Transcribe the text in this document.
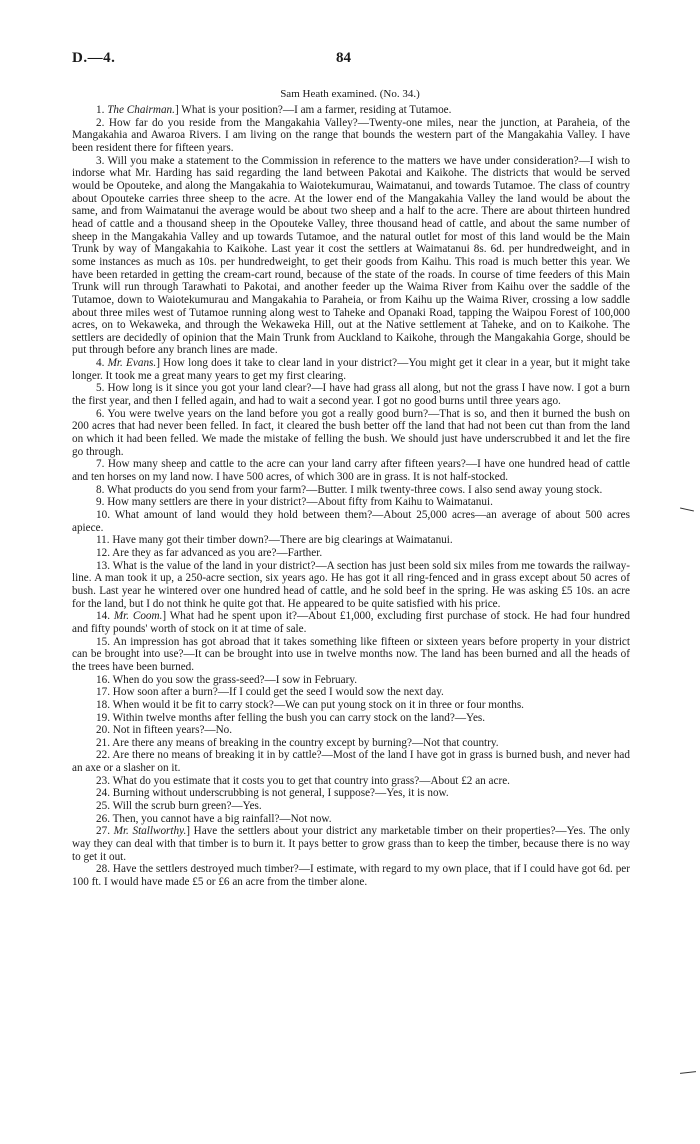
D.—4.	84
Sam Heath examined. (No. 34.)

1. The Chairman.] What is your position?—I am a farmer, residing at Tutamoe.

2. How far do you reside from the Mangakahia Valley?—Twenty-one miles, near the junction, at Paraheia, of the Mangakahia and Awaroa Rivers. I am living on the range that bounds the western part of the Mangakahia Valley. I have been resident there for fifteen years.

3. Will you make a statement to the Commission in reference to the matters we have under consideration?—I wish to indorse what Mr. Harding has said regarding the land between Pakotai and Kaikohe. The districts that would be served would be Opouteke, and along the Mangakahia to Waiotekumurau, Waimatanui, and towards Tutamoe. The class of country about Opouteke carries three sheep to the acre. At the lower end of the Mangakahia Valley the land would be about the same, and from Waimatanui the average would be about two sheep and a half to the acre. There are about thirteen hundred head of cattle and a thousand sheep in the Opouteke Valley, three thousand head of cattle, and about the same number of sheep in the Mangakahia Valley and up towards Tutamoe, and the natural outlet for most of this land would be the Main Trunk by way of Mangakahia to Kaikohe. Last year it cost the settlers at Waimatanui 8s. 6d. per hundredweight, and in some instances as much as 10s. per hundredweight, to get their goods from Kaihu. This road is much better this year. We have been retarded in getting the cream-cart round, because of the state of the roads. In course of time feeders of this Main Trunk will run through Tarawhati to Pakotai, and another feeder up the Waima River from Kaihu over the saddle of the Tutamoe, down to Waiotekumurau and Mangakahia to Paraheia, or from Kaihu up the Waima River, crossing a low saddle about three miles west of Tutamoe running along west to Taheke and Opanaki Road, tapping the Waipou Forest of 100,000 acres, on to Wekaweka, and through the Wekaweka Hill, out at the Native settlement at Taheke, and on to Kaikohe. The settlers are decidedly of opinion that the Main Trunk from Auckland to Kaikohe, through the Mangakahia Gorge, should be put through before any branch lines are made.

4. Mr. Evans.] How long does it take to clear land in your district?—You might get it clear in a year, but it might take longer. It took me a great many years to get my first clearing.

5. How long is it since you got your land clear?—I have had grass all along, but not the grass I have now. I got a burn the first year, and then I felled again, and had to wait a second year. I got no good burns until three years ago.

6. You were twelve years on the land before you got a really good burn?—That is so, and then it burned the bush on 200 acres that had never been felled. In fact, it cleared the bush better off the land that had not been cut than from the land on which it had been felled. We made the mistake of felling the bush. We should just have underscrubbed it and let the fire go through.

7. How many sheep and cattle to the acre can your land carry after fifteen years?—I have one hundred head of cattle and ten horses on my land now. I have 500 acres, of which 300 are in grass. It is not half-stocked.

8. What products do you send from your farm?—Butter. I milk twenty-three cows. I also send away young stock.

9. How many settlers are there in your district?—About fifty from Kaihu to Waimatanui.

10. What amount of land would they hold between them?—About 25,000 acres—an average of about 500 acres apiece.

11. Have many got their timber down?—There are big clearings at Waimatanui.

12. Are they as far advanced as you are?—Farther.

13. What is the value of the land in your district?—A section has just been sold six miles from me towards the railway-line. A man took it up, a 250-acre section, six years ago. He has got it all ring-fenced and in grass except about 50 acres of bush. Last year he wintered over one hundred head of cattle, and he sold beef in the spring. He was asking £5 10s. an acre for the land, but I do not think he quite got that. He appeared to be quite satisfied with his price.

14. Mr. Coom.] What had he spent upon it?—About £1,000, excluding first purchase of stock. He had four hundred and fifty pounds' worth of stock on it at time of sale.

15. An impression has got abroad that it takes something like fifteen or sixteen years before property in your district can be brought into use?—It can be brought into use in twelve months now. The land has been burned and all the heads of the trees have been burned.

16. When do you sow the grass-seed?—I sow in February.

17. How soon after a burn?—If I could get the seed I would sow the next day.

18. When would it be fit to carry stock?—We can put young stock on it in three or four months.

19. Within twelve months after felling the bush you can carry stock on the land?—Yes.

20. Not in fifteen years?—No.

21. Are there any means of breaking in the country except by burning?—Not that country.

22. Are there no means of breaking it in by cattle?—Most of the land I have got in grass is burned bush, and never had an axe or a slasher on it.

23. What do you estimate that it costs you to get that country into grass?—About £2 an acre.

24. Burning without underscrubbing is not general, I suppose?—Yes, it is now.

25. Will the scrub burn green?—Yes.

26. Then, you cannot have a big rainfall?—Not now.

27. Mr. Stallworthy.] Have the settlers about your district any marketable timber on their properties?—Yes. The only way they can deal with that timber is to burn it. It pays better to grow grass than to keep the timber, because there is no way to get it out.

28. Have the settlers destroyed much timber?—I estimate, with regard to my own place, that if I could have got 6d. per 100 ft. I would have made £5 or £6 an acre from the timber alone.
